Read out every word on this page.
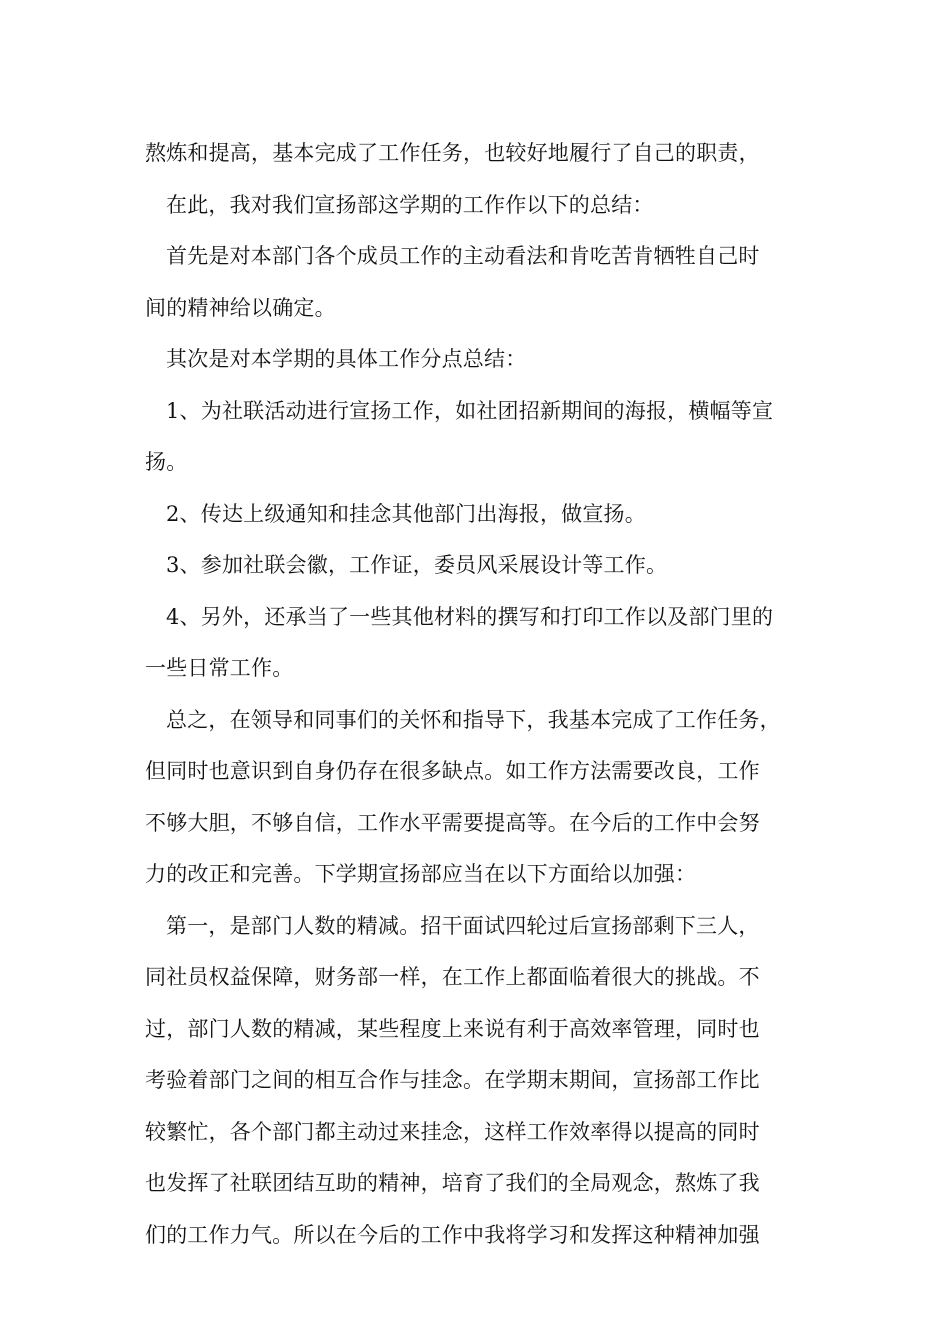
熬炼和提高，基本完成了工作任务，也较好地履行了自己的职责，
在此，我对我们宣扬部这学期的工作作以下的总结：
首先是对本部门各个成员工作的主动看法和肯吃苦肯牺牲自己时
间的精神给以确定。
其次是对本学期的具体工作分点总结：
1、为社联活动进行宣扬工作，如社团招新期间的海报，横幅等宣
扬。
2、传达上级通知和挂念其他部门出海报，做宣扬。
3、参加社联会徽，工作证，委员风采展设计等工作。
4、另外，还承当了一些其他材料的撰写和打印工作以及部门里的
一些日常工作。
总之，在领导和同事们的关怀和指导下，我基本完成了工作任务，
但同时也意识到自身仍存在很多缺点。如工作方法需要改良，工作
不够大胆，不够自信，工作水平需要提高等。在今后的工作中会努
力的改正和完善。下学期宣扬部应当在以下方面给以加强：
第一，是部门人数的精减。招干面试四轮过后宣扬部剩下三人，
同社员权益保障，财务部一样，在工作上都面临着很大的挑战。不
过，部门人数的精减，某些程度上来说有利于高效率管理，同时也
考验着部门之间的相互合作与挂念。在学期末期间，宣扬部工作比
较繁忙，各个部门都主动过来挂念，这样工作效率得以提高的同时
也发挥了社联团结互助的精神，培育了我们的全局观念，熬炼了我
们的工作力气。所以在今后的工作中我将学习和发挥这种精神加强
